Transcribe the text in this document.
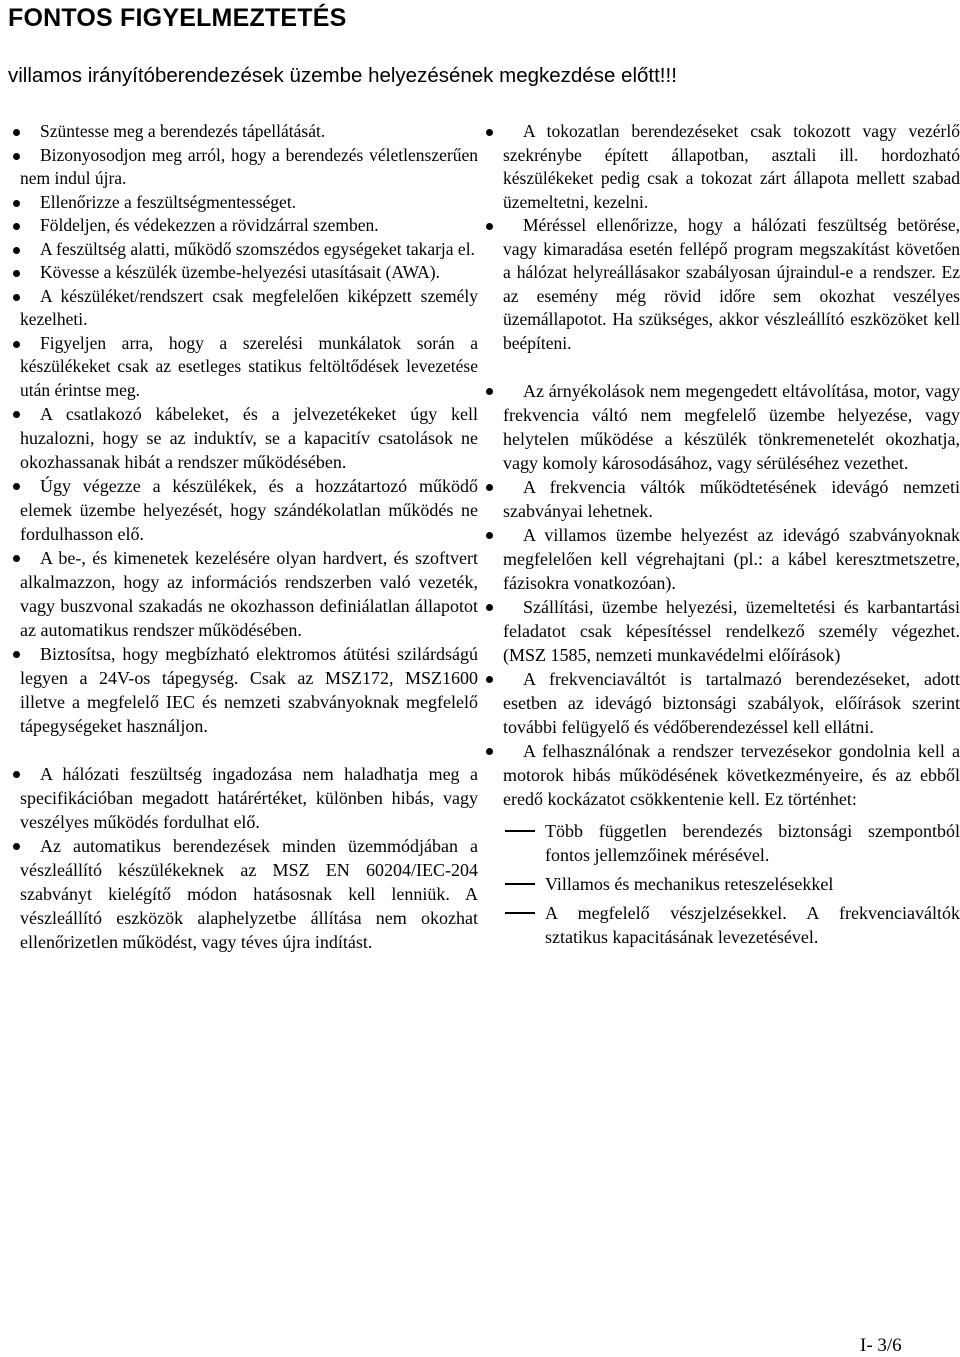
FONTOS FIGYELMEZTETÉS
villamos irányítóberendezések üzembe helyezésének megkezdése előtt!!!
Szüntesse meg a berendezés tápellátását.
Bizonyosodjon meg arról, hogy a berendezés véletlenszerűen nem indul újra.
Ellenőrizze a feszültségmentességet.
Földeljen, és védekezzen a rövidzárral szemben.
A feszültség alatti, működő szomszédos egységeket takarja el.
Kövesse a készülék üzembe-helyezési utasításait (AWA).
A készüléket/rendszert csak megfelelően kiképzett személy kezelheti.
Figyeljen arra, hogy a szerelési munkálatok során a készülékeket csak az esetleges statikus feltöltődések levezetése után érintse meg.
A csatlakozó kábeleket, és a jelvezetékeket úgy kell huzalozni, hogy se az induktív, se a kapacitív csatolások ne okozhassanak hibát a rendszer működésében.
Úgy végezze a készülékek, és a hozzátartozó működő elemek üzembe helyezését, hogy szándékolatlan működés ne fordulhasson elő.
A be-, és kimenetek kezelésére olyan hardvert, és szoftvert alkalmazzon, hogy az információs rendszerben való vezeték, vagy buszvonal szakadás ne okozhasson definiálatlan állapotot az automatikus rendszer működésében.
Biztosítsa, hogy megbízható elektromos átütési szilárdságú legyen a 24V-os tápegység. Csak az MSZ172, MSZ1600 illetve a megfelelő IEC és nemzeti szabványoknak megfelelő tápegységeket használjon.
A hálózati feszültség ingadozása nem haladhatja meg a specifikációban megadott határértéket, különben hibás, vagy veszélyes működés fordulhat elő.
Az automatikus berendezések minden üzemmódjában a vészleállító készülékeknek az MSZ EN 60204/IEC-204 szabványt kielégítő módon hatásosnak kell lenniük. A vészleállító eszközök alaphelyzetbe állítása nem okozhat ellenőrizetlen működést, vagy téves újra indítást.
A tokozatlan berendezéseket csak tokozott vagy vezérlő szekrénybe épített állapotban, asztali ill. hordozható készülékeket pedig csak a tokozat zárt állapota mellett szabad üzemeltetni, kezelni.
Méréssel ellenőrizze, hogy a hálózati feszültség betörése, vagy kimaradása esetén fellépő program megszakítást követően a hálózat helyreállásakor szabályosan újraindul-e a rendszer. Ez az esemény még rövid időre sem okozhat veszélyes üzemállapotot. Ha szükséges, akkor vészleállító eszközöket kell beépíteni.
Az árnyékolások nem megengedett eltávolítása, motor, vagy frekvencia váltó nem megfelelő üzembe helyezése, vagy helytelen működése a készülék tönkremenetelét okozhatja, vagy komoly károsodásához, vagy sérüléséhez vezethet.
A frekvencia váltók működtetésének idevágó nemzeti szabványai lehetnek.
A villamos üzembe helyezést az idevágó szabványoknak megfelelően kell végrehajtani (pl.: a kábel keresztmetszetre, fázisokra vonatkozóan).
Szállítási, üzembe helyezési, üzemeltetési és karbantartási feladatot csak képesítéssel rendelkező személy végezhet. (MSZ 1585, nemzeti munkavédelmi előírások)
A frekvenciaváltót is tartalmazó berendezéseket, adott esetben az idevágó biztonsági szabályok, előírások szerint további felügyelő és védőberendezéssel kell ellátni.
A felhasználónak a rendszer tervezésekor gondolnia kell a motorok hibás működésének következményeire, és az ebből eredő kockázatot csökkentenie kell. Ez történhet:
Több független berendezés biztonsági szempontból fontos jellemzőinek mérésével.
Villamos és mechanikus reteszelésekkel
A megfelelő vészjelzésekkel. A frekvenciaváltók sztatikus kapacitásának levezetésével.
I- 3/6
